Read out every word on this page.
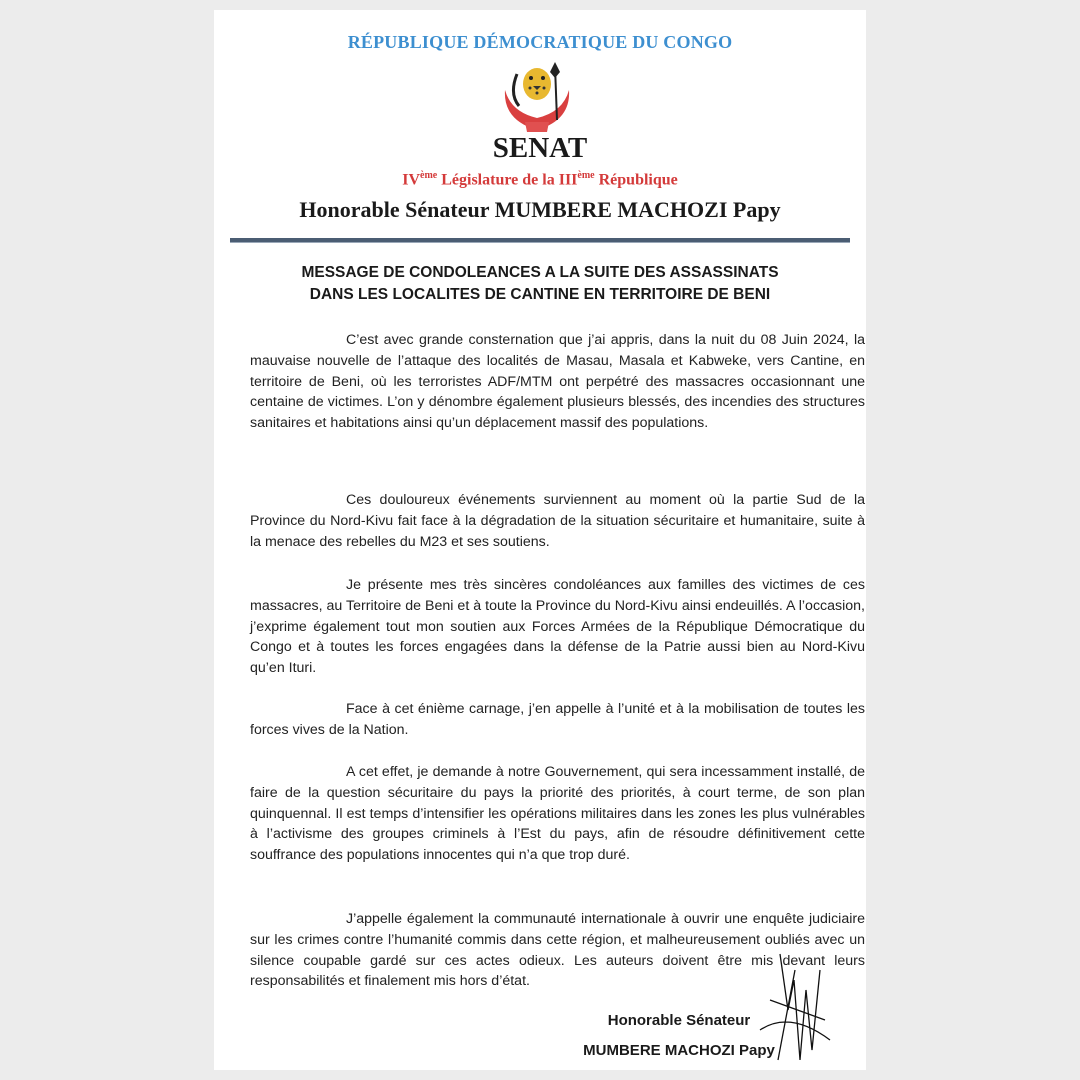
RÉPUBLIQUE DÉMOCRATIQUE DU CONGO
SENAT
IVème Législature de la IIIème République
Honorable Sénateur MUMBERE MACHOZI Papy
MESSAGE DE CONDOLEANCES A LA SUITE DES ASSASSINATS
DANS LES LOCALITES DE CANTINE EN TERRITOIRE DE BENI

C’est avec grande consternation que j’ai appris, dans la nuit du 08 Juin 2024, la mauvaise nouvelle de l’attaque des localités de Masau, Masala et Kabweke, vers Cantine, en territoire de Beni, où les terroristes ADF/MTM ont perpétré des massacres occasionnant une centaine de victimes. L’on y dénombre également plusieurs blessés, des incendies des structures sanitaires et habitations ainsi qu’un déplacement massif des populations.

Ces douloureux événements surviennent au moment où la partie Sud de la Province du Nord-Kivu fait face à la dégradation de la situation sécuritaire et humanitaire, suite à la menace des rebelles du M23 et ses soutiens.

Je présente mes très sincères condoléances aux familles des victimes de ces massacres, au Territoire de Beni et à toute la Province du Nord-Kivu ainsi endeuillés. A l’occasion, j’exprime également tout mon soutien aux Forces Armées de la République Démocratique du Congo et à toutes les forces engagées dans la défense de la Patrie aussi bien au Nord-Kivu qu’en Ituri.

Face à cet énième carnage, j’en appelle à l’unité et à la mobilisation de toutes les forces vives de la Nation.

A cet effet, je demande à notre Gouvernement, qui sera incessamment installé, de faire de la question sécuritaire du pays la priorité des priorités, à court terme, de son plan quinquennal. Il est temps d’intensifier les opérations militaires dans les zones les plus vulnérables à l’activisme des groupes criminels à l’Est du pays, afin de résoudre définitivement cette souffrance des populations innocentes qui n’a que trop duré.

J’appelle également la communauté internationale à ouvrir une enquête judiciaire sur les crimes contre l’humanité commis dans cette région, et malheureusement oubliés avec un silence coupable gardé sur ces actes odieux. Les auteurs doivent être mis devant leurs responsabilités et finalement mis hors d’état.

Honorable Sénateur
MUMBERE MACHOZI Papy
